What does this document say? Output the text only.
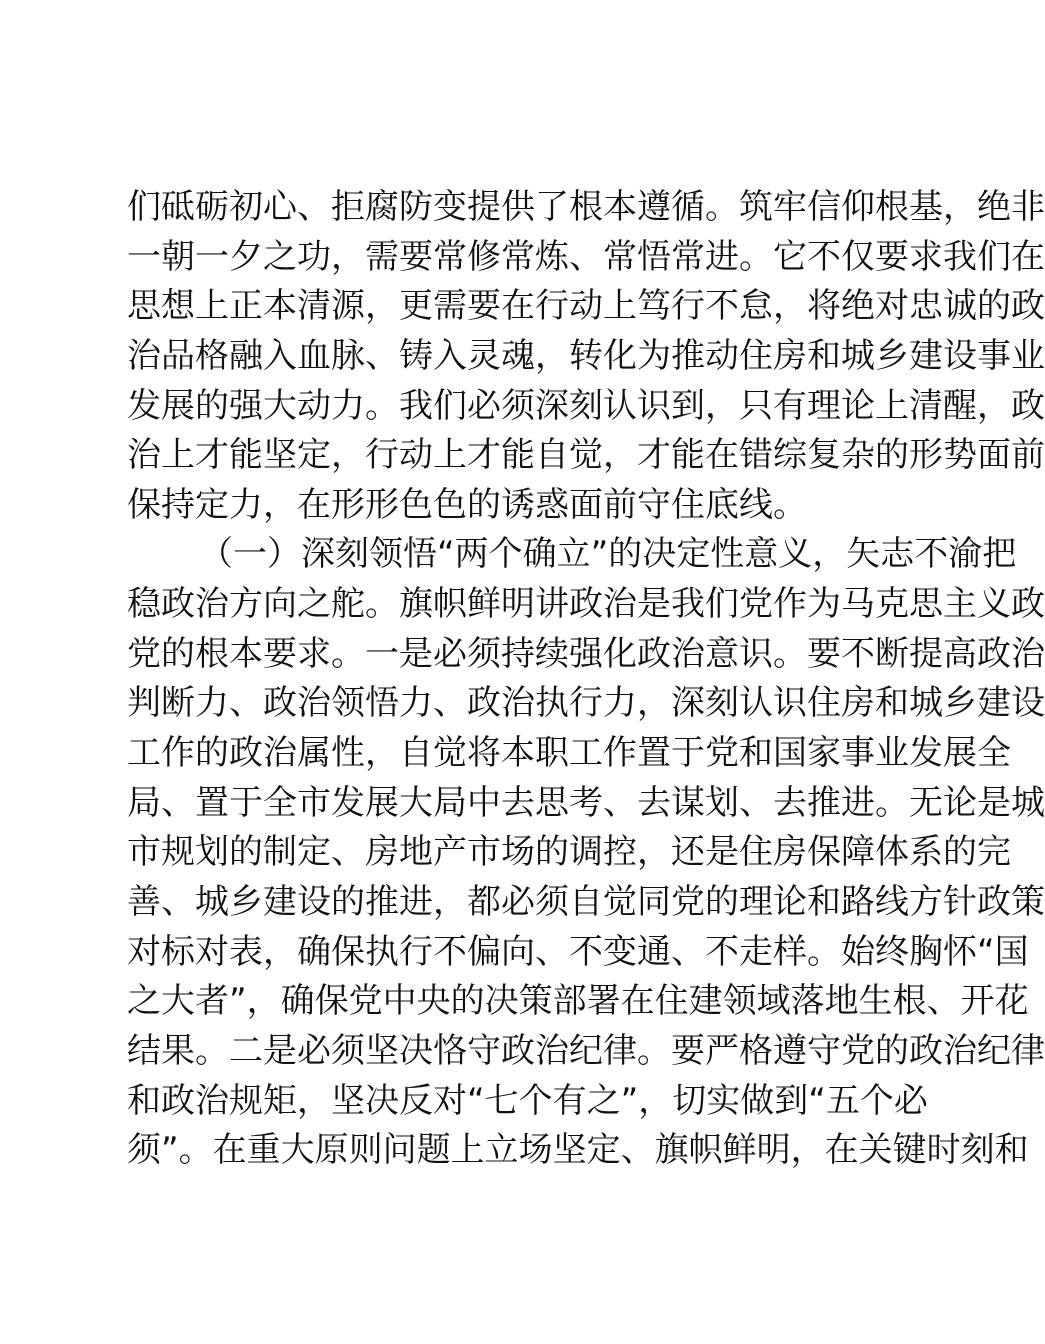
们砥砺初心、拒腐防变提供了根本遵循。筑牢信仰根基，绝非
一朝一夕之功，需要常修常炼、常悟常进。它不仅要求我们在
思想上正本清源，更需要在行动上笃行不怠，将绝对忠诚的政
治品格融入血脉、铸入灵魂，转化为推动住房和城乡建设事业
发展的强大动力。我们必须深刻认识到，只有理论上清醒，政
治上才能坚定，行动上才能自觉，才能在错综复杂的形势面前
保持定力，在形形色色的诱惑面前守住底线。
（一）深刻领悟“两个确立”的决定性意义，矢志不渝把
稳政治方向之舵。旗帜鲜明讲政治是我们党作为马克思主义政
党的根本要求。一是必须持续强化政治意识。要不断提高政治
判断力、政治领悟力、政治执行力，深刻认识住房和城乡建设
工作的政治属性，自觉将本职工作置于党和国家事业发展全
局、置于全市发展大局中去思考、去谋划、去推进。无论是城
市规划的制定、房地产市场的调控，还是住房保障体系的完
善、城乡建设的推进，都必须自觉同党的理论和路线方针政策
对标对表，确保执行不偏向、不变通、不走样。始终胸怀“国
之大者”，确保党中央的决策部署在住建领域落地生根、开花
结果。二是必须坚决恪守政治纪律。要严格遵守党的政治纪律
和政治规矩，坚决反对“七个有之”，切实做到“五个必
须”。在重大原则问题上立场坚定、旗帜鲜明，在关键时刻和
